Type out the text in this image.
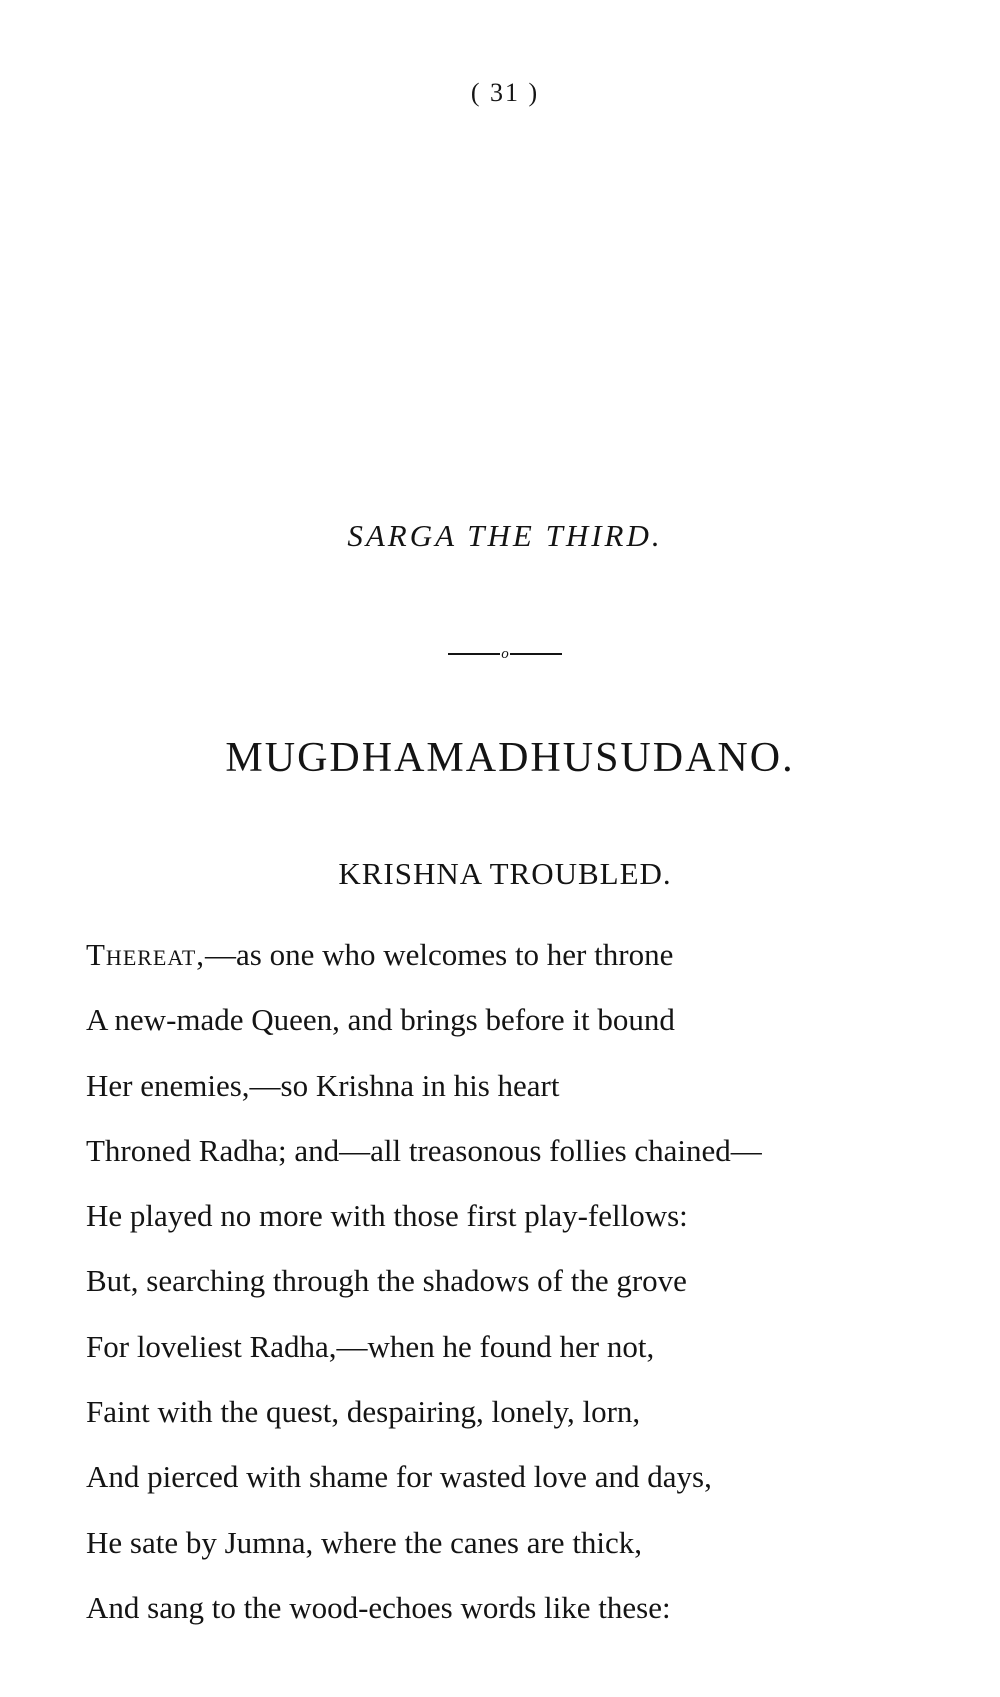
( 31 )
SARGA THE THIRD.
o
MUGDHAMADHUSUDANO.
KRISHNA TROUBLED.
Thereat,—as one who welcomes to her throne
A new-made Queen, and brings before it bound
Her enemies,—so Krishna in his heart
Throned Radha; and—all treasonous follies chained—
He played no more with those first play-fellows:
But, searching through the shadows of the grove
For loveliest Radha,—when he found her not,
Faint with the quest, despairing, lonely, lorn,
And pierced with shame for wasted love and days,
He sate by Jumna, where the canes are thick,
And sang to the wood-echoes words like these:
